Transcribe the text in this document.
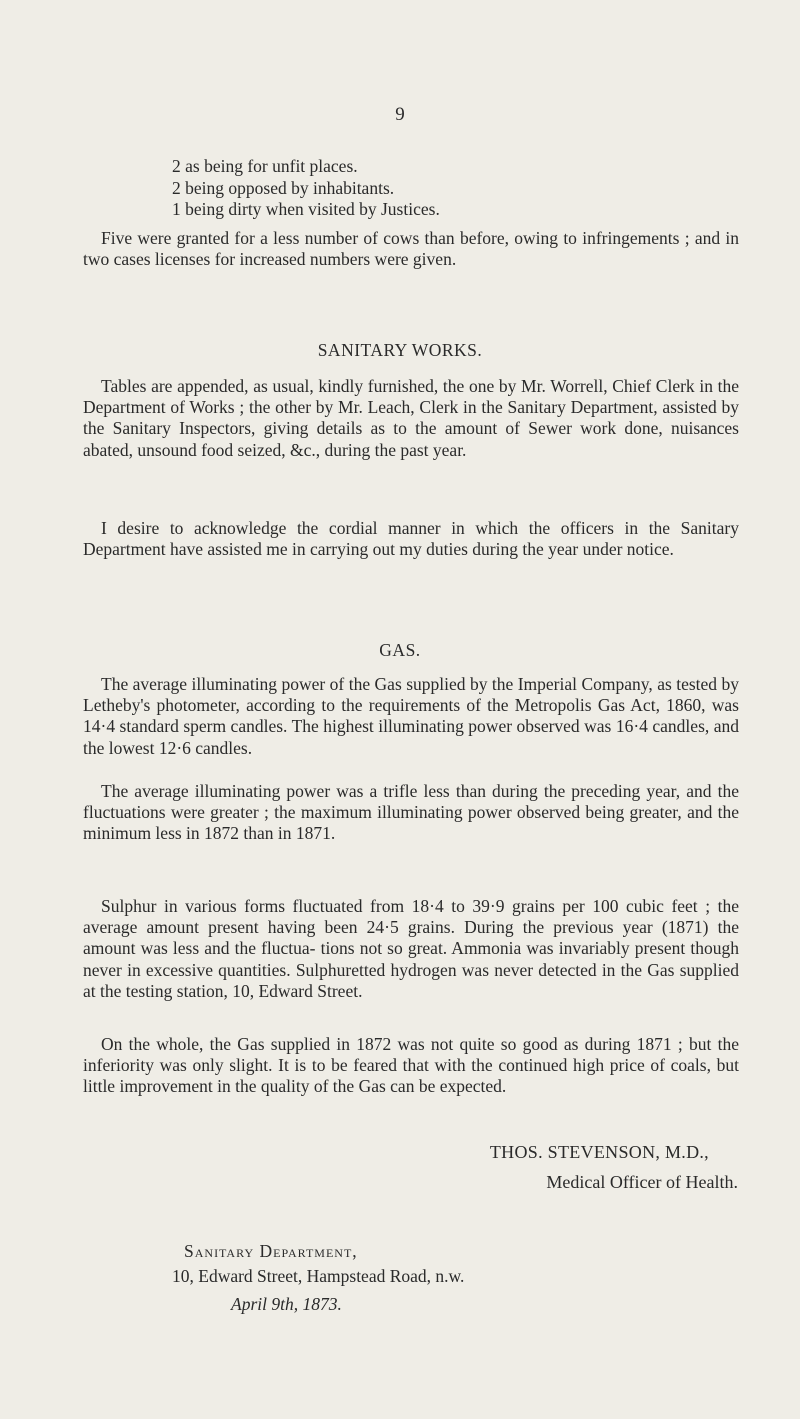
9
2 as being for unfit places.
2 being opposed by inhabitants.
1 being dirty when visited by Justices.

Five were granted for a less number of cows than before, owing to infringements ; and in two cases licenses for increased numbers were given.

SANITARY WORKS.

Tables are appended, as usual, kindly furnished, the one by Mr. Worrell, Chief Clerk in the Department of Works ; the other by Mr. Leach, Clerk in the Sanitary Department, assisted by the Sanitary Inspectors, giving details as to the amount of Sewer work done, nuisances abated, unsound food seized, &c., during the past year.

I desire to acknowledge the cordial manner in which the officers in the Sanitary Department have assisted me in carrying out my duties during the year under notice.

GAS.

The average illuminating power of the Gas supplied by the Imperial Company, as tested by Letheby's photometer, according to the requirements of the Metropolis Gas Act, 1860, was 14·4 standard sperm candles. The highest illuminating power observed was 16·4 candles, and the lowest 12·6 candles.

The average illuminating power was a trifle less than during the preceding year, and the fluctuations were greater ; the maximum illuminating power observed being greater, and the minimum less in 1872 than in 1871.

Sulphur in various forms fluctuated from 18·4 to 39·9 grains per 100 cubic feet ; the average amount present having been 24·5 grains. During the previous year (1871) the amount was less and the fluctua- tions not so great. Ammonia was invariably present though never in excessive quantities. Sulphuretted hydrogen was never detected in the Gas supplied at the testing station, 10, Edward Street.

On the whole, the Gas supplied in 1872 was not quite so good as during 1871 ; but the inferiority was only slight. It is to be feared that with the continued high price of coals, but little improvement in the quality of the Gas can be expected.

THOS. STEVENSON, M.D.,
Medical Officer of Health.
Sanitary Department,
10, Edward Street, Hampstead Road, n.w.
April 9th, 1873.
